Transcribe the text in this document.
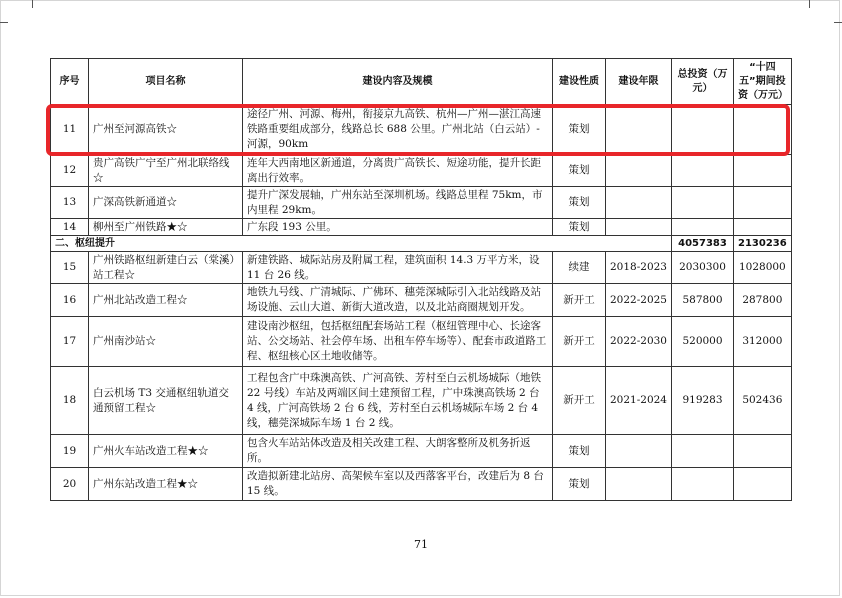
序号	项目名称	建设内容及规模	建设性质	建设年限	总投资（万元）	“十四五”期间投资（万元）
11	广州至河源高铁☆	途径广州、河源、梅州，衔接京九高铁、杭州—广州—湛江高速铁路重要组成部分，线路总长 688 公里。广州北站（白云站）-河源，90km	策划			
12	贵广高铁广宁至广州北联络线☆	连年大西南地区新通道，分离贵广高铁长、短途功能，提升长距离出行效率。	策划			
13	广深高铁新通道☆	提升广深发展轴，广州东站至深圳机场。线路总里程 75km，市内里程 29km。	策划			
14	柳州至广州铁路★☆	广东段 193 公里。	策划			
二、枢纽提升					4057383	2130236
15	广州铁路枢纽新建白云（棠溪）站工程☆	新建铁路、城际站房及附属工程，建筑面积 14.3 万平方米，设 11 台 26 线。	续建	2018-2023	2030300	1028000
16	广州北站改造工程☆	地铁九号线、广清城际、广佛环、穗莞深城际引入北站线路及站场设施、云山大道、新街大道改造，以及北站商圈规划开发。	新开工	2022-2025	587800	287800
17	广州南沙站☆	建设南沙枢纽，包括枢纽配套场站工程（枢纽管理中心、长途客站、公交场站、社会停车场、出租车停车场等）、配套市政道路工程、枢纽核心区土地收储等。	新开工	2022-2030	520000	312000
18	白云机场 T3 交通枢纽轨道交通预留工程☆	工程包含广中珠澳高铁、广河高铁、芳村至白云机场城际（地铁 22 号线）车站及两端区间土建预留工程，广中珠澳高铁场 2 台 4 线，广河高铁场 2 台 6 线，芳村至白云机场城际车场 2 台 4 线，穗莞深城际车场 1 台 2 线。	新开工	2021-2024	919283	502436
19	广州火车站改造工程★☆	包含火车站站体改造及相关改建工程、大朗客整所及机务折返所。	策划			
20	广州东站改造工程★☆	改造拟新建北站房、高架候车室以及西落客平台，改建后为 8 台 15 线。	策划			
71
